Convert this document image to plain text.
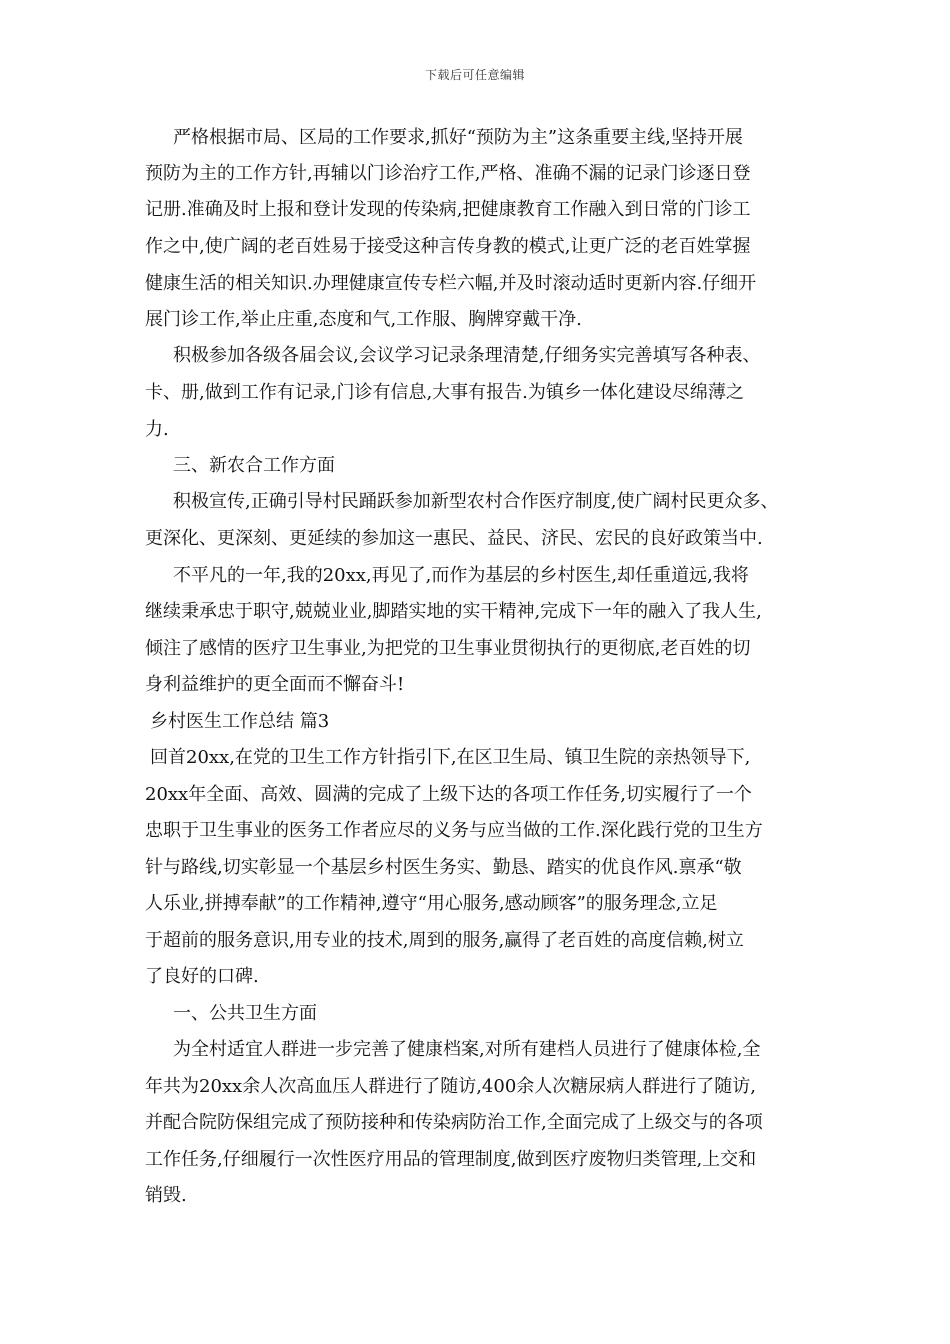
下载后可任意编辑
严格根据市局、区局的工作要求,抓好“预防为主”这条重要主线,坚持开展
预防为主的工作方针,再辅以门诊治疗工作,严格、准确不漏的记录门诊逐日登
记册.准确及时上报和登计发现的传染病,把健康教育工作融入到日常的门诊工
作之中,使广阔的老百姓易于接受这种言传身教的模式,让更广泛的老百姓掌握
健康生活的相关知识.办理健康宣传专栏六幅,并及时滚动适时更新内容.仔细开
展门诊工作,举止庄重,态度和气,工作服、胸牌穿戴干净.
积极参加各级各届会议,会议学习记录条理清楚,仔细务实完善填写各种表、
卡、册,做到工作有记录,门诊有信息,大事有报告.为镇乡一体化建设尽绵薄之
力.
三、新农合工作方面
积极宣传,正确引导村民踊跃参加新型农村合作医疗制度,使广阔村民更众多、
更深化、更深刻、更延续的参加这一惠民、益民、济民、宏民的良好政策当中.
不平凡的一年,我的20xx,再见了,而作为基层的乡村医生,却任重道远,我将
继续秉承忠于职守,兢兢业业,脚踏实地的实干精神,完成下一年的融入了我人生,
倾注了感情的医疗卫生事业,为把党的卫生事业贯彻执行的更彻底,老百姓的切
身利益维护的更全面而不懈奋斗!
乡村医生工作总结 篇3
回首20xx,在党的卫生工作方针指引下,在区卫生局、镇卫生院的亲热领导下,
20xx年全面、高效、圆满的完成了上级下达的各项工作任务,切实履行了一个
忠职于卫生事业的医务工作者应尽的义务与应当做的工作.深化践行党的卫生方
针与路线,切实彰显一个基层乡村医生务实、勤恳、踏实的优良作风.禀承“敬
人乐业,拼搏奉献”的工作精神,遵守“用心服务,感动顾客”的服务理念,立足
于超前的服务意识,用专业的技术,周到的服务,赢得了老百姓的高度信赖,树立
了良好的口碑.
一、公共卫生方面
为全村适宜人群进一步完善了健康档案,对所有建档人员进行了健康体检,全
年共为20xx余人次高血压人群进行了随访,400余人次糖尿病人群进行了随访,
并配合院防保组完成了预防接种和传染病防治工作,全面完成了上级交与的各项
工作任务,仔细履行一次性医疗用品的管理制度,做到医疗废物归类管理,上交和
销毁.
